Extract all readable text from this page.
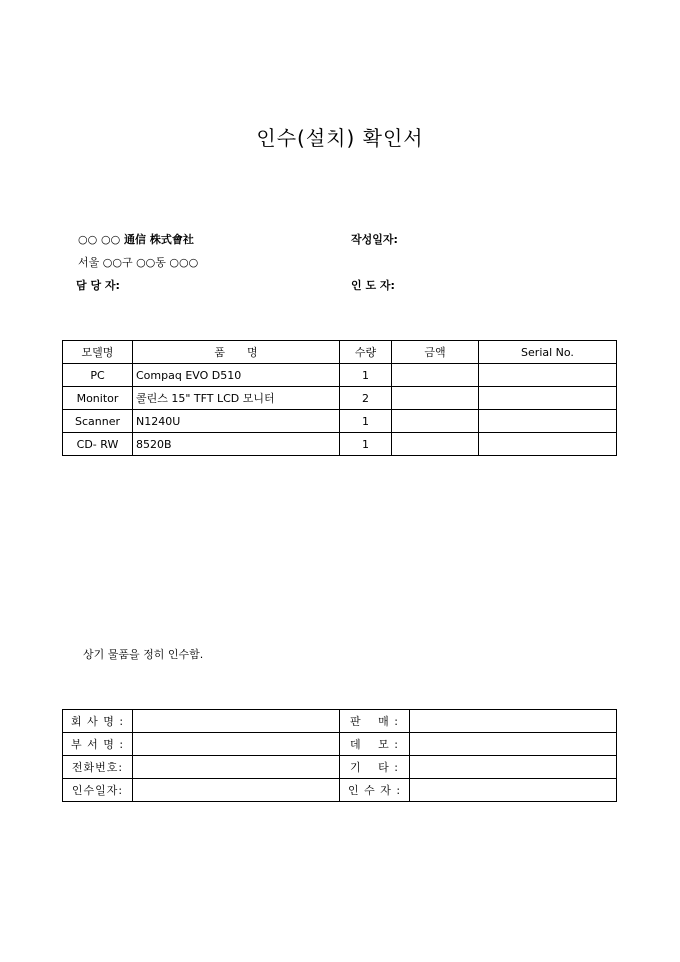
인수(설치) 확인서
○○ ○○ 通信 株式會社	작성일자:
서울 ○○구 ○○동 ○○○
담 당 자:	인 도 자:
모델명	품　　명	수량	금액	Serial No.
PC	Compaq EVO D510	1		
Monitor	콜린스 15" TFT LCD 모니터	2		
Scanner	N1240U	1		
CD- RW	8520B	1		
상기 물품을 정히 인수함.
회 사 명 :		판　 매 :	
부 서 명 :		데　 모 :	
전화번호:		기　 타 :	
인수일자:		인 수 자 :	
